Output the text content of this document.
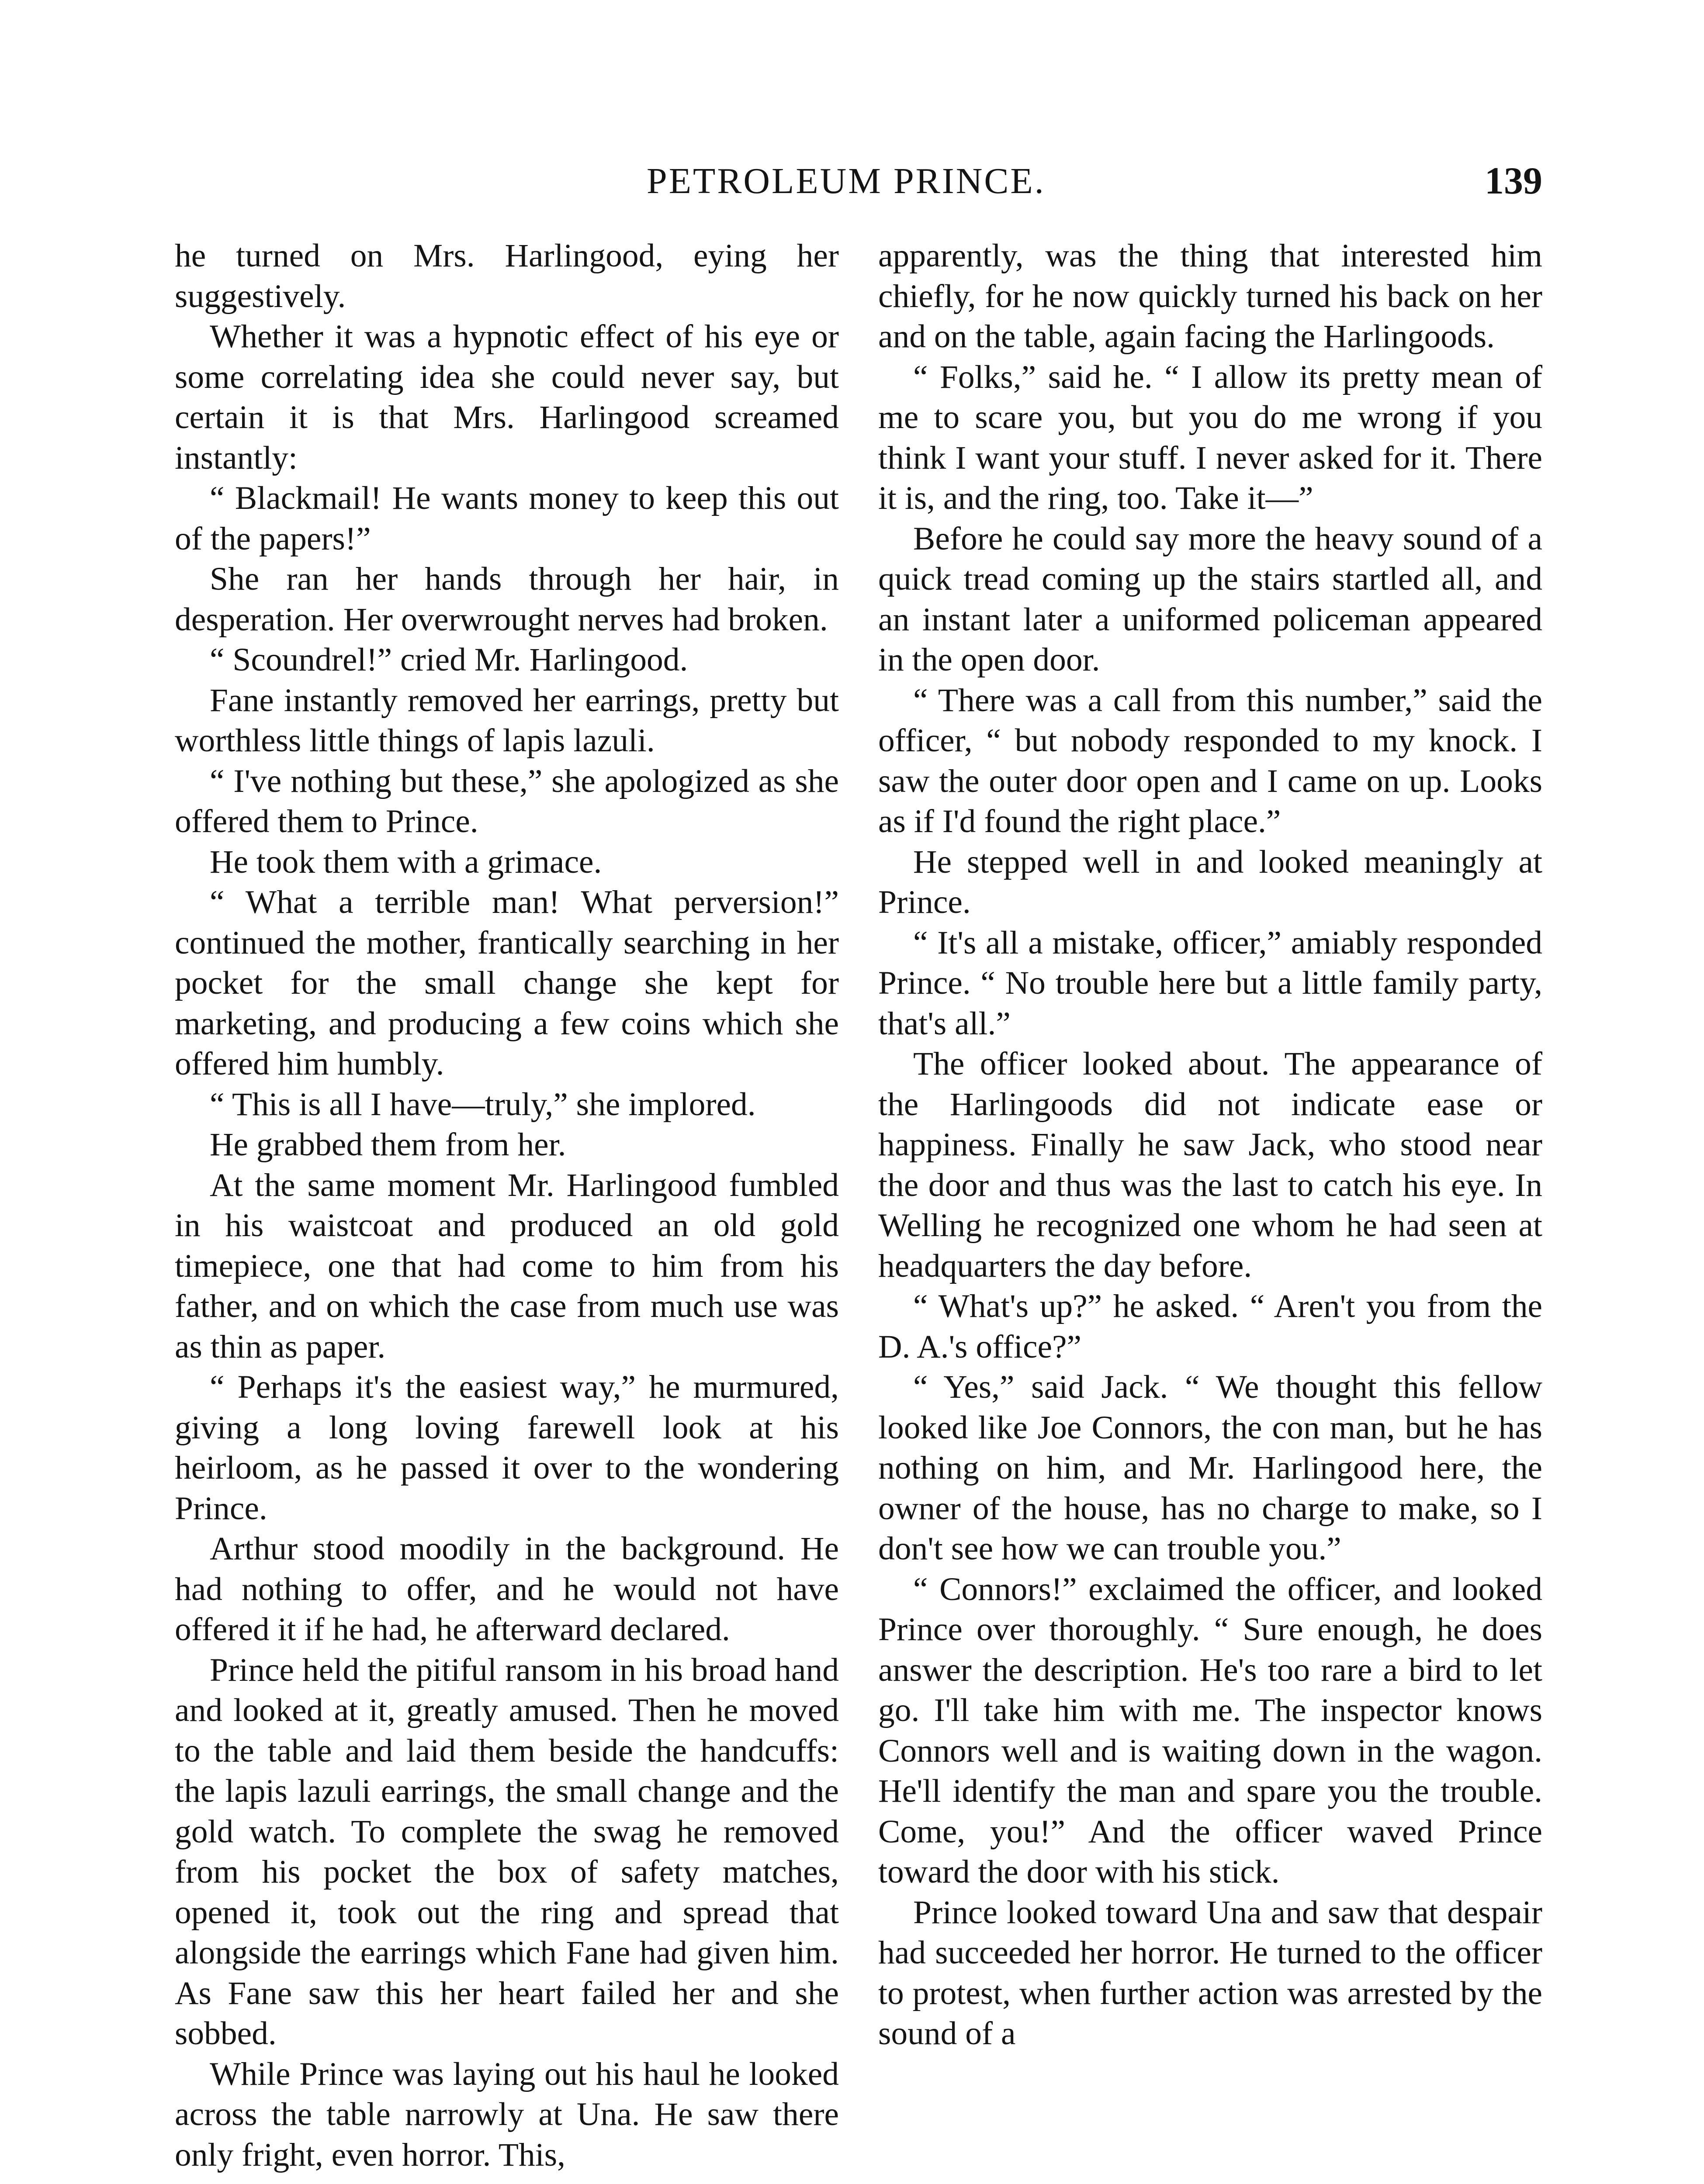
PETROLEUM PRINCE.	139

he turned on Mrs. Harlingood, eying her suggestively.

Whether it was a hypnotic effect of his eye or some correlating idea she could never say, but certain it is that Mrs. Harlingood screamed instantly:

“ Blackmail! He wants money to keep this out of the papers!”

She ran her hands through her hair, in desperation. Her overwrought nerves had broken.

“ Scoundrel!” cried Mr. Harlingood.

Fane instantly removed her earrings, pretty but worthless little things of lapis lazuli.

“ I've nothing but these,” she apologized as she offered them to Prince.

He took them with a grimace.

“ What a terrible man! What perversion!” continued the mother, frantically searching in her pocket for the small change she kept for marketing, and producing a few coins which she offered him humbly.

“ This is all I have—truly,” she implored.

He grabbed them from her.

At the same moment Mr. Harlingood fumbled in his waistcoat and produced an old gold timepiece, one that had come to him from his father, and on which the case from much use was as thin as paper.

“ Perhaps it's the easiest way,” he murmured, giving a long loving farewell look at his heirloom, as he passed it over to the wondering Prince.

Arthur stood moodily in the background. He had nothing to offer, and he would not have offered it if he had, he afterward declared.

Prince held the pitiful ransom in his broad hand and looked at it, greatly amused. Then he moved to the table and laid them beside the handcuffs: the lapis lazuli earrings, the small change and the gold watch. To complete the swag he removed from his pocket the box of safety matches, opened it, took out the ring and spread that alongside the earrings which Fane had given him. As Fane saw this her heart failed her and she sobbed.

While Prince was laying out his haul he looked across the table narrowly at Una. He saw there only fright, even horror. This,

apparently, was the thing that interested him chiefly, for he now quickly turned his back on her and on the table, again facing the Harlingoods.

“ Folks,” said he. “ I allow its pretty mean of me to scare you, but you do me wrong if you think I want your stuff. I never asked for it. There it is, and the ring, too. Take it—”

Before he could say more the heavy sound of a quick tread coming up the stairs startled all, and an instant later a uniformed policeman appeared in the open door.

“ There was a call from this number,” said the officer, “ but nobody responded to my knock. I saw the outer door open and I came on up. Looks as if I'd found the right place.”

He stepped well in and looked meaningly at Prince.

“ It's all a mistake, officer,” amiably responded Prince. “ No trouble here but a little family party, that's all.”

The officer looked about. The appearance of the Harlingoods did not indicate ease or happiness. Finally he saw Jack, who stood near the door and thus was the last to catch his eye. In Welling he recognized one whom he had seen at headquarters the day before.

“ What's up?” he asked. “ Aren't you from the D. A.'s office?”

“ Yes,” said Jack. “ We thought this fellow looked like Joe Connors, the con man, but he has nothing on him, and Mr. Harlingood here, the owner of the house, has no charge to make, so I don't see how we can trouble you.”

“ Connors!” exclaimed the officer, and looked Prince over thoroughly. “ Sure enough, he does answer the description. He's too rare a bird to let go. I'll take him with me. The inspector knows Connors well and is waiting down in the wagon. He'll identify the man and spare you the trouble. Come, you!” And the officer waved Prince toward the door with his stick.

Prince looked toward Una and saw that despair had succeeded her horror. He turned to the officer to protest, when further action was arrested by the sound of a
